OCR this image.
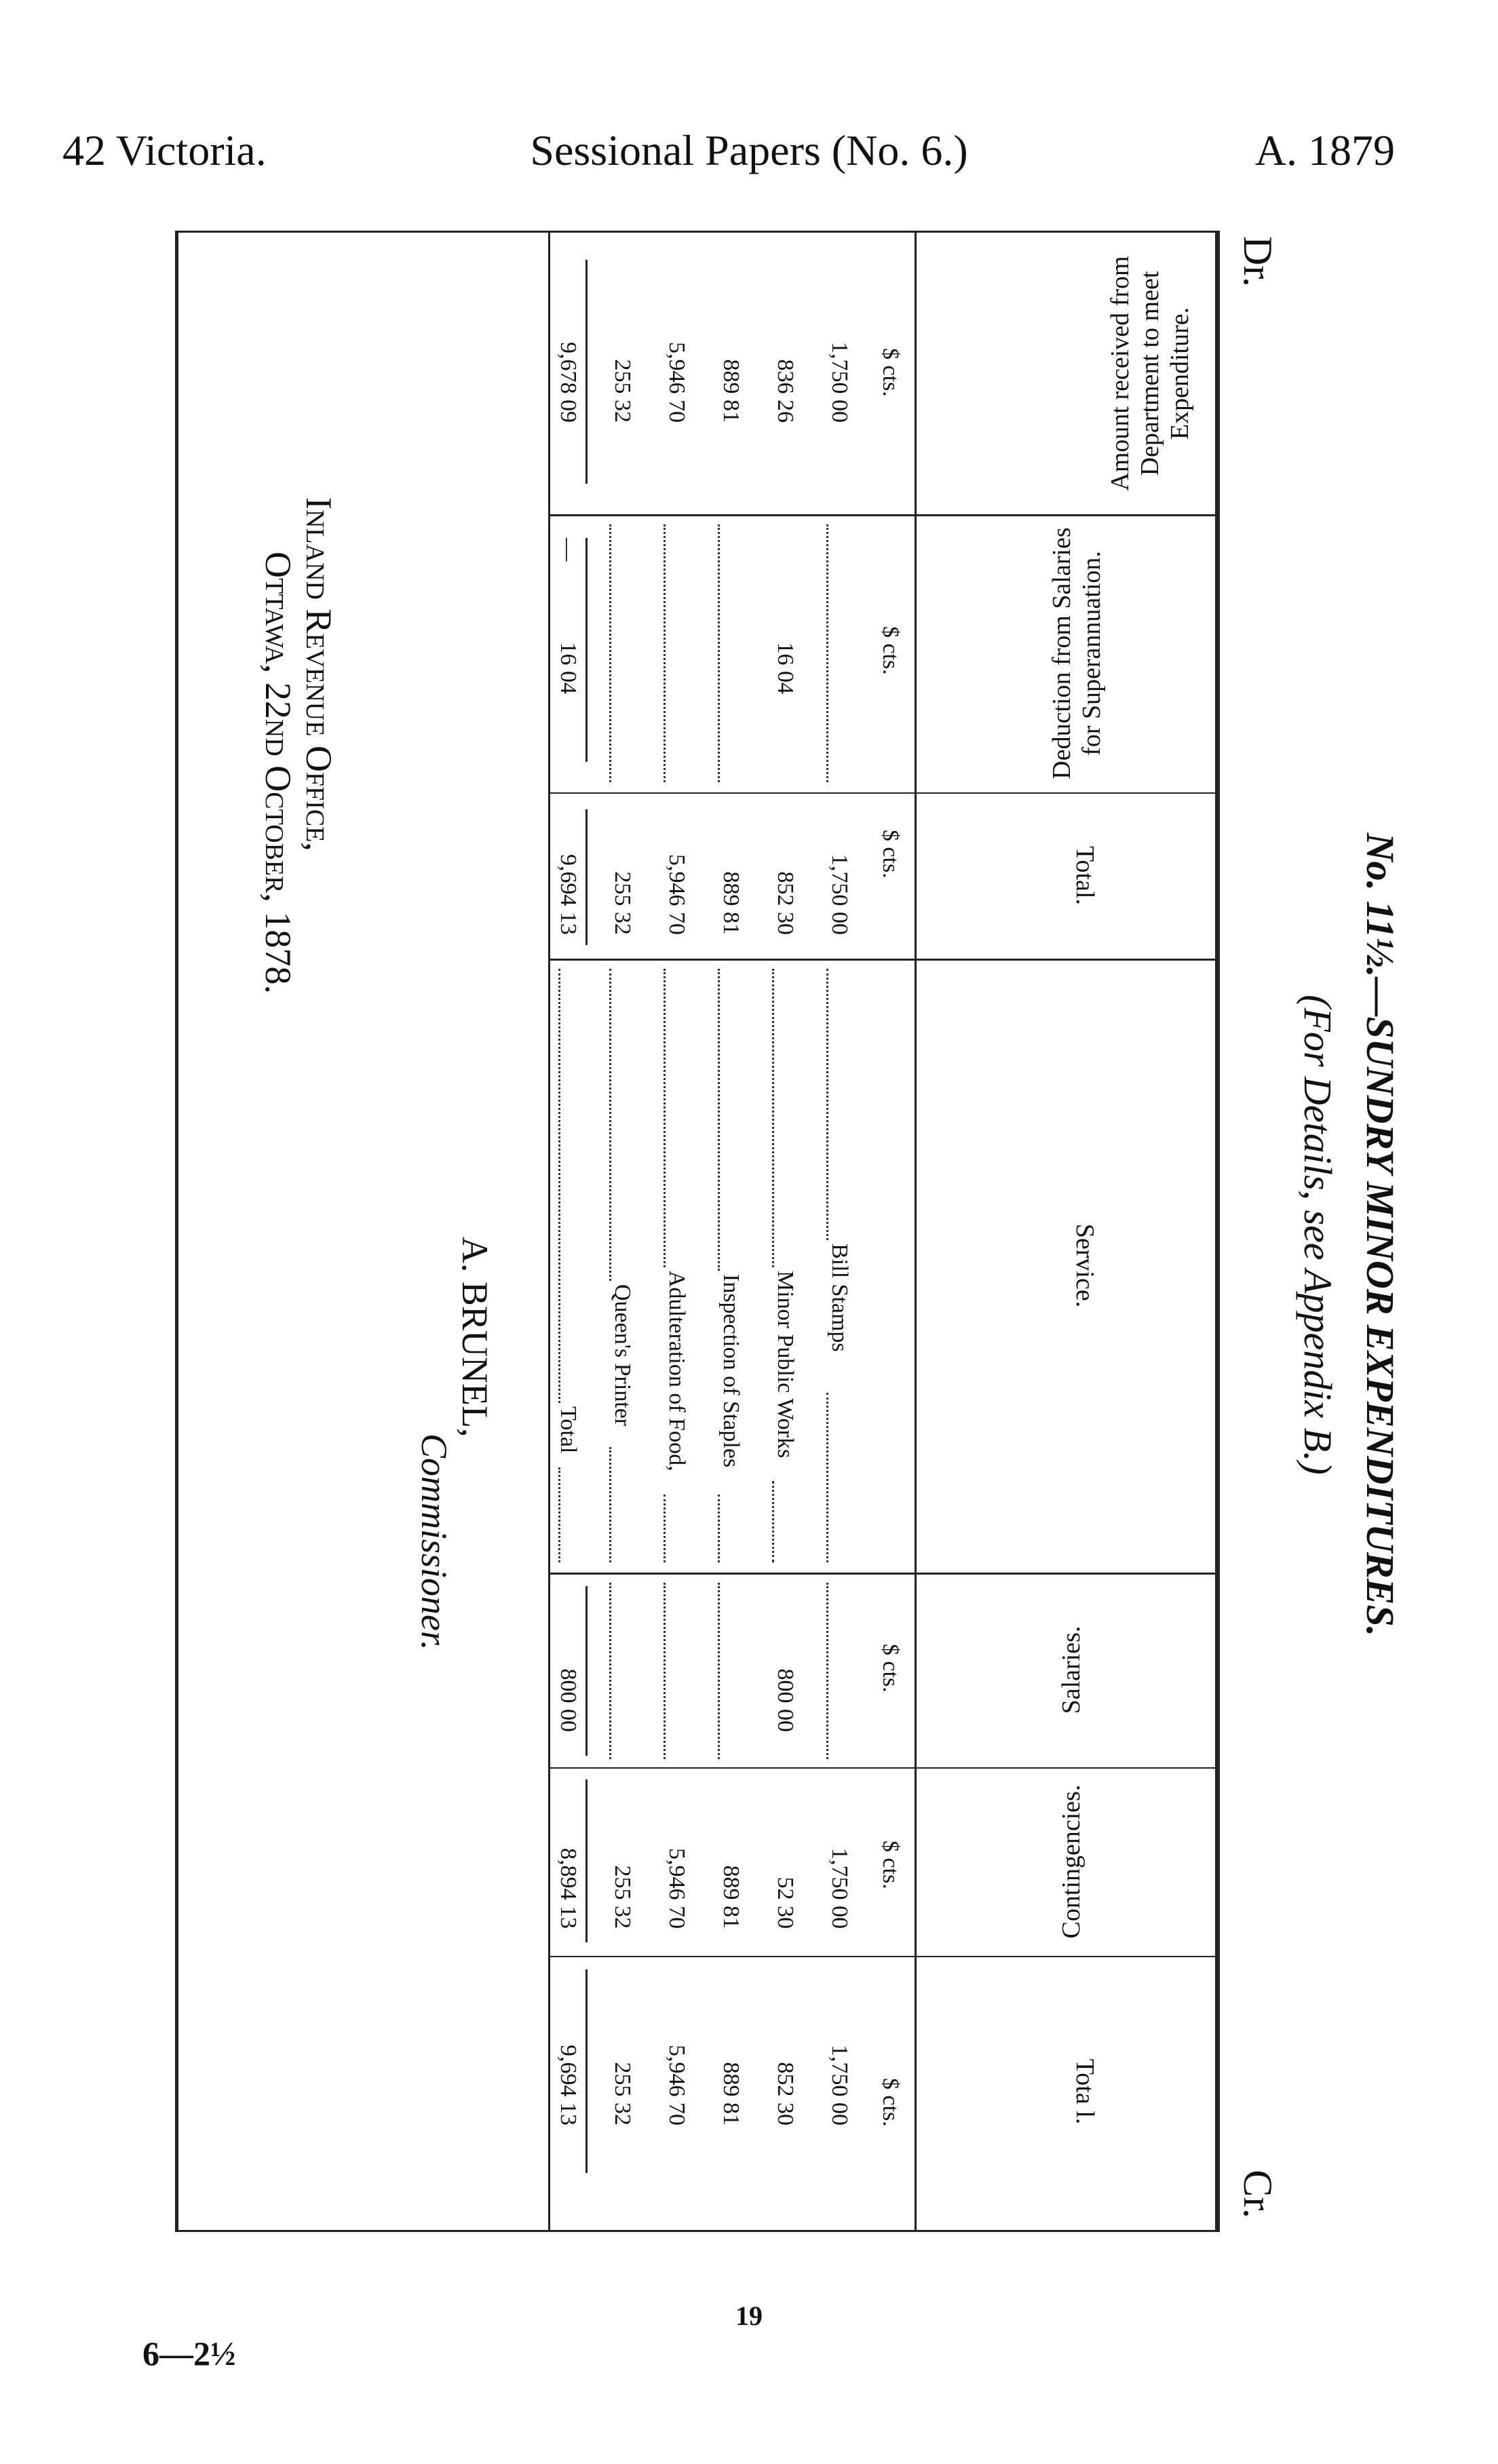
42 Victoria.	Sessional Papers (No. 6.)	A. 1879
No. 11½.—SUNDRY MINOR EXPENDITURES.
(For Details, see Appendix B.)
Dr.
Cr.
Amount received from Department to meet Expenditure.
Deduction from Salaries for Superannuation.
Total.
Service.
Salaries.
Contingencies.
Tota l.
$ cts.
$ cts.
$ cts.
$ cts.
$ cts.
$ cts.
1,750 00
1,750 00
Bill Stamps
1,750 00
1,750 00
836 26
16 04
852 30
Minor Public Works
800 00
52 30
852 30
889 81
889 81
Inspection of Staples
889 81
889 81
5,946 70
5,946 70
Adulteration of Food,
5,946 70
5,946 70
255 32
255 32
Queen's Printer
255 32
255 32
9,678 09
—
16 04
9,694 13
Total
800 00
8,894 13
9,694 13
A. BRUNEL,
Commissioner.
Inland Revenue Office,
Ottawa, 22nd October, 1878.
19
6—2½
